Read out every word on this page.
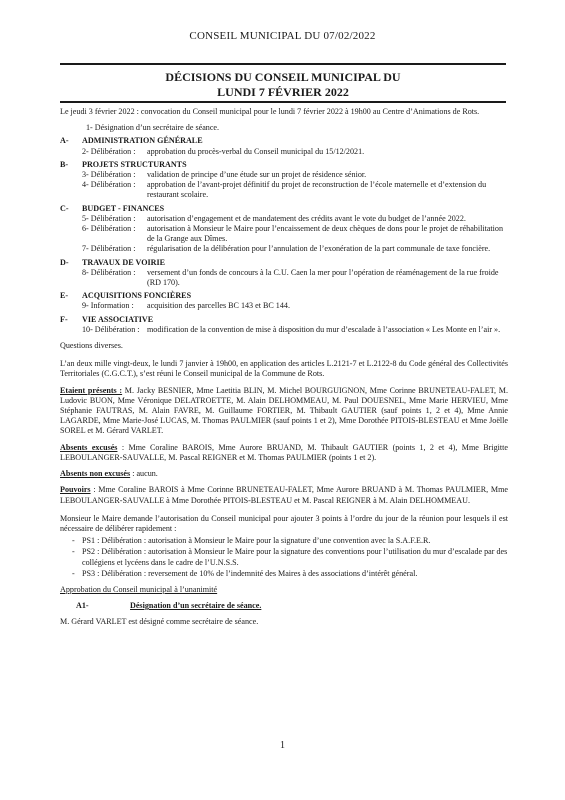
CONSEIL MUNICIPAL DU 07/02/2022
DÉCISIONS DU CONSEIL MUNICIPAL DU
LUNDI 7 FÉVRIER 2022

Le jeudi 3 février 2022 : convocation du Conseil municipal pour le lundi 7 février 2022 à 19h00 au Centre d’Animations de Rots.

1- Désignation d’un secrétaire de séance.

A- ADMINISTRATION GÉNÉRALE
2- Délibération :	approbation du procès-verbal du Conseil municipal du 15/12/2021.
B- PROJETS STRUCTURANTS
3- Délibération :	validation de principe d’une étude sur un projet de résidence sénior.
4- Délibération :	approbation de l’avant-projet définitif du projet de reconstruction de l’école maternelle et d’extension du restaurant scolaire.
C- BUDGET - FINANCES
5- Délibération :	autorisation d’engagement et de mandatement des crédits avant le vote du budget de l’année 2022.
6- Délibération :	autorisation à Monsieur le Maire pour l’encaissement de deux chèques de dons pour le projet de réhabilitation de la Grange aux Dîmes.
7- Délibération :	régularisation de la délibération pour l’annulation de l’exonération de la part communale de taxe foncière.
D- TRAVAUX DE VOIRIE
8- Délibération :	versement d’un fonds de concours à la C.U. Caen la mer pour l’opération de réaménagement de la rue froide (RD 170).
E- ACQUISITIONS FONCIÈRES
9- Information :	acquisition des parcelles BC 143 et BC 144.
F- VIE ASSOCIATIVE
10- Délibération : modification de la convention de mise à disposition du mur d’escalade à l’association « Les Monte en l’air ».

Questions diverses.

L’an deux mille vingt-deux, le lundi 7 janvier à 19h00, en application des articles L.2121-7 et L.2122-8 du Code général des Collectivités Territoriales (C.G.C.T.), s’est réuni le Conseil municipal de la Commune de Rots.

Etaient présents : M. Jacky BESNIER, Mme Laetitia BLIN, M. Michel BOURGUIGNON, Mme Corinne BRUNETEAU-FALET, M. Ludovic BUON, Mme Véronique DELATROETTE, M. Alain DELHOMMEAU, M. Paul DOUESNEL, Mme Marie HERVIEU, Mme Stéphanie FAUTRAS, M. Alain FAVRE, M. Guillaume FORTIER, M. Thibault GAUTIER (sauf points 1, 2 et 4), Mme Annie LAGARDE, Mme Marie-José LUCAS, M. Thomas PAULMIER (sauf points 1 et 2), Mme Dorothée PITOIS-BLESTEAU et Mme Joëlle SOREL et M. Gérard VARLET.

Absents excusés : Mme Coraline BAROIS, Mme Aurore BRUAND, M. Thibault GAUTIER (points 1, 2 et 4), Mme Brigitte LEBOULANGER-SAUVALLE, M. Pascal REIGNER et M. Thomas PAULMIER (points 1 et 2).

Absents non excusés : aucun.

Pouvoirs : Mme Coraline BAROIS à Mme Corinne BRUNETEAU-FALET, Mme Aurore BRUAND à M. Thomas PAULMIER, Mme LEBOULANGER-SAUVALLE à Mme Dorothée PITOIS-BLESTEAU et M. Pascal REIGNER à M. Alain DELHOMMEAU.

Monsieur le Maire demande l’autorisation du Conseil municipal pour ajouter 3 points à l’ordre du jour de la réunion pour lesquels il est nécessaire de délibérer rapidement :

- PS1 : Délibération : autorisation à Monsieur le Maire pour la signature d’une convention avec la S.A.F.E.R.
- PS2 : Délibération : autorisation à Monsieur le Maire pour la signature des conventions pour l’utilisation du mur d’escalade par des collégiens et lycéens dans le cadre de l’U.N.S.S.
- PS3 : Délibération : reversement de 10% de l’indemnité des Maires à des associations d’intérêt général.

Approbation du Conseil municipal à l’unanimité

A1-	Désignation d’un secrétaire de séance.

M. Gérard VARLET est désigné comme secrétaire de séance.

1
